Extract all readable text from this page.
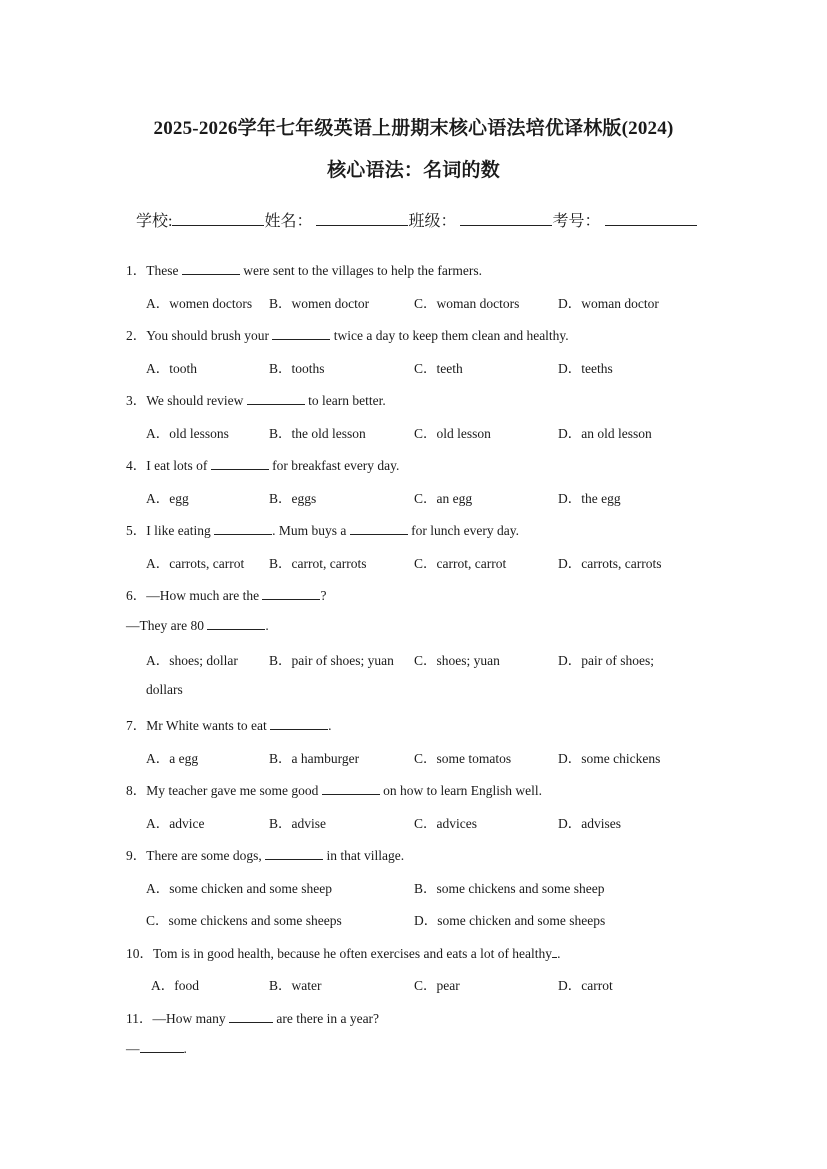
2025-2026学年七年级英语上册期末核心语法培优译林版(2024)
核心语法：名词的数
学校:	姓名：	班级：	考号：
1．These	were sent to the villages to help the farmers.
A．women doctors B．women doctor	C．woman doctors	D．woman doctor
2．You should brush your	twice a day to keep them clean and healthy.
A．tooth	B．tooths	C．teeth	D．teeths
3．We should review	to learn better.
A．old lessons	B．the old lesson	C．old lesson	D．an old lesson
4．I eat lots of	for breakfast every day.
A．egg	B．eggs	C．an egg	D．the egg
5．I like eating	. Mum buys a	for lunch every day.
A．carrots, carrot B．carrot, carrots	C．carrot, carrot	D．carrots, carrots
6．—How much are the	?
—They are 80	.
A．shoes; dollar B．pair of shoes; yuan C．shoes; yuan	D．pair of shoes;
dollars
7．Mr White wants to eat	.
A．a egg	B．a hamburger	C．some tomatos	D．some chickens
8．My teacher gave me some good	on how to learn English well.
A．advice	B．advise	C．advices	D．advises
9．There are some dogs,	in that village.
A．some chicken and some sheep	B．some chickens and some sheep
C．some chickens and some sheeps	D．some chicken and some sheeps
10．Tom is in good health, because he often exercises and eats a lot of healthy .
A．food	B．water	C．pear	D．carrot
11．—How many	are there in a year?
—	.
